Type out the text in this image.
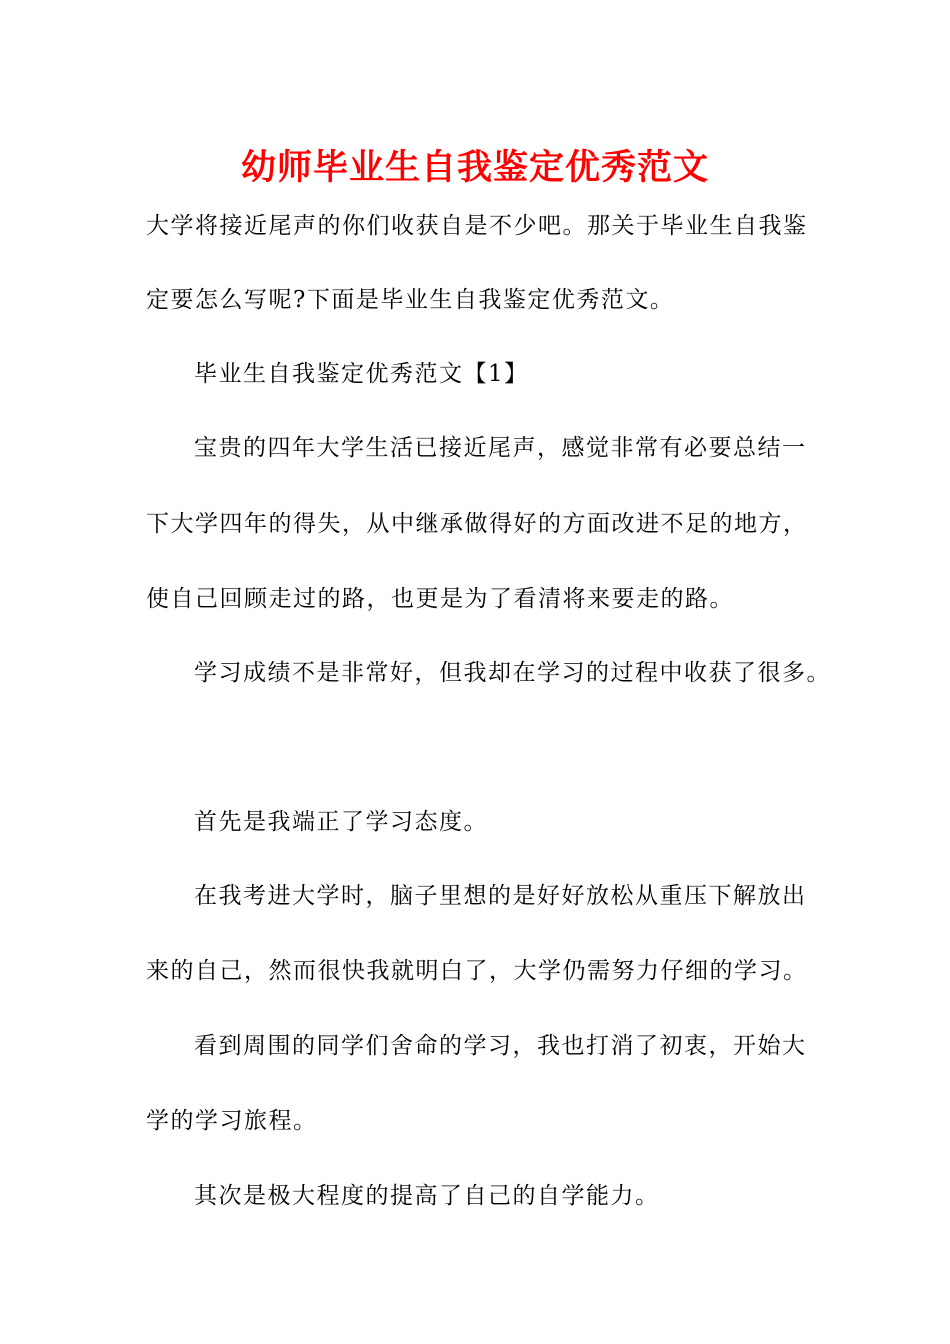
幼师毕业生自我鉴定优秀范文
大学将接近尾声的你们收获自是不少吧。那关于毕业生自我鉴
定要怎么写呢?下面是毕业生自我鉴定优秀范文。
毕业生自我鉴定优秀范文【1】
宝贵的四年大学生活已接近尾声，感觉非常有必要总结一
下大学四年的得失，从中继承做得好的方面改进不足的地方，
使自己回顾走过的路，也更是为了看清将来要走的路。
学习成绩不是非常好，但我却在学习的过程中收获了很多。
首先是我端正了学习态度。
在我考进大学时，脑子里想的是好好放松从重压下解放出
来的自己，然而很快我就明白了，大学仍需努力仔细的学习。
看到周围的同学们舍命的学习，我也打消了初衷，开始大
学的学习旅程。
其次是极大程度的提高了自己的自学能力。
